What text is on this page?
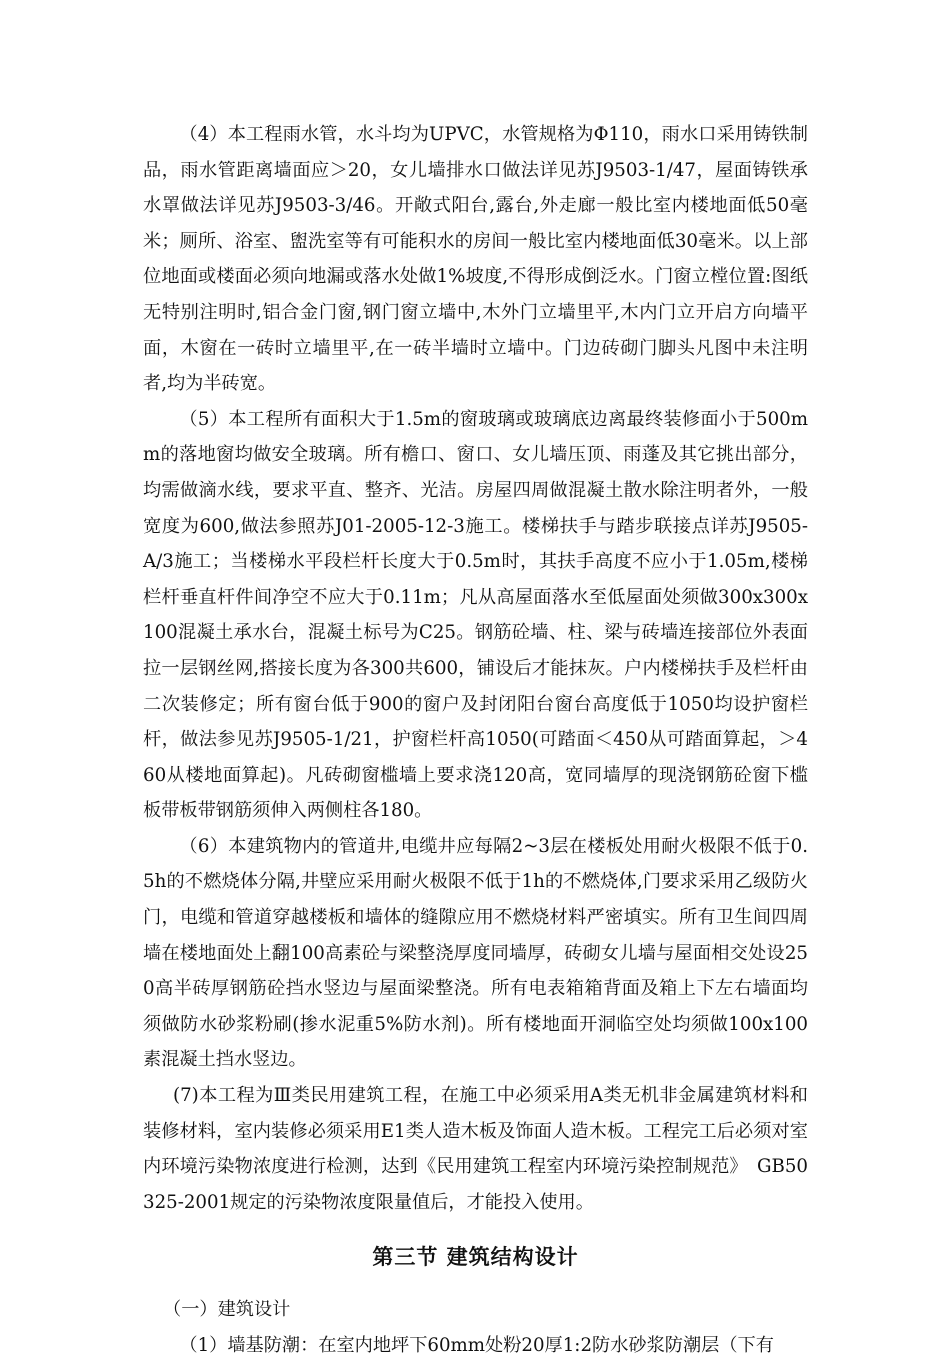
（4）本工程雨水管，水斗均为UPVC，水管规格为Φ110，雨水口采用铸铁制品，雨水管距离墙面应＞20，女儿墙排水口做法详见苏J9503-1/47，屋面铸铁承水罩做法详见苏J9503-3/46。开敞式阳台,露台,外走廊一般比室内楼地面低50毫米；厕所、浴室、盥洗室等有可能积水的房间一般比室内楼地面低30毫米。以上部位地面或楼面必须向地漏或落水处做1%坡度,不得形成倒泛水。门窗立樘位置:图纸无特别注明时,铝合金门窗,钢门窗立墙中,木外门立墙里平,木内门立开启方向墙平面，木窗在一砖时立墙里平,在一砖半墙时立墙中。门边砖砌门脚头凡图中未注明者,均为半砖宽。

（5）本工程所有面积大于1.5m的窗玻璃或玻璃底边离最终装修面小于500mm的落地窗均做安全玻璃。所有檐口、窗口、女儿墙压顶、雨蓬及其它挑出部分，均需做滴水线，要求平直、整齐、光洁。房屋四周做混凝土散水除注明者外，一般宽度为600,做法参照苏J01-2005-12-3施工。楼梯扶手与踏步联接点详苏J9505-A/3施工；当楼梯水平段栏杆长度大于0.5m时，其扶手高度不应小于1.05m,楼梯栏杆垂直杆件间净空不应大于0.11m；凡从高屋面落水至低屋面处须做300x300x100混凝土承水台，混凝土标号为C25。钢筋砼墙、柱、梁与砖墙连接部位外表面拉一层钢丝网,搭接长度为各300共600，铺设后才能抹灰。户内楼梯扶手及栏杆由二次装修定；所有窗台低于900的窗户及封闭阳台窗台高度低于1050均设护窗栏杆，做法参见苏J9505-1/21，护窗栏杆高1050(可踏面＜450从可踏面算起，＞460从楼地面算起)。凡砖砌窗槛墙上要求浇120高，宽同墙厚的现浇钢筋砼窗下槛板带板带钢筋须伸入两侧柱各180。

（6）本建筑物内的管道井,电缆井应每隔2~3层在楼板处用耐火极限不低于0.5h的不燃烧体分隔,井壁应采用耐火极限不低于1h的不燃烧体,门要求采用乙级防火门，电缆和管道穿越楼板和墙体的缝隙应用不燃烧材料严密填实。所有卫生间四周墙在楼地面处上翻100高素砼与梁整浇厚度同墙厚，砖砌女儿墙与屋面相交处设250高半砖厚钢筋砼挡水竖边与屋面梁整浇。所有电表箱箱背面及箱上下左右墙面均须做防水砂浆粉刷(掺水泥重5%防水剂)。所有楼地面开洞临空处均须做100x100素混凝土挡水竖边。

(7)本工程为Ⅲ类民用建筑工程，在施工中必须采用A类无机非金属建筑材料和装修材料，室内装修必须采用E1类人造木板及饰面人造木板。工程完工后必须对室内环境污染物浓度进行检测，达到《民用建筑工程室内环境污染控制规范》　GB50325-2001规定的污染物浓度限量值后，才能投入使用。

第三节 建筑结构设计

（一）建筑设计

（1）墙基防潮：在室内地坪下60mm处粉20厚1:2防水砂浆防潮层（下有
